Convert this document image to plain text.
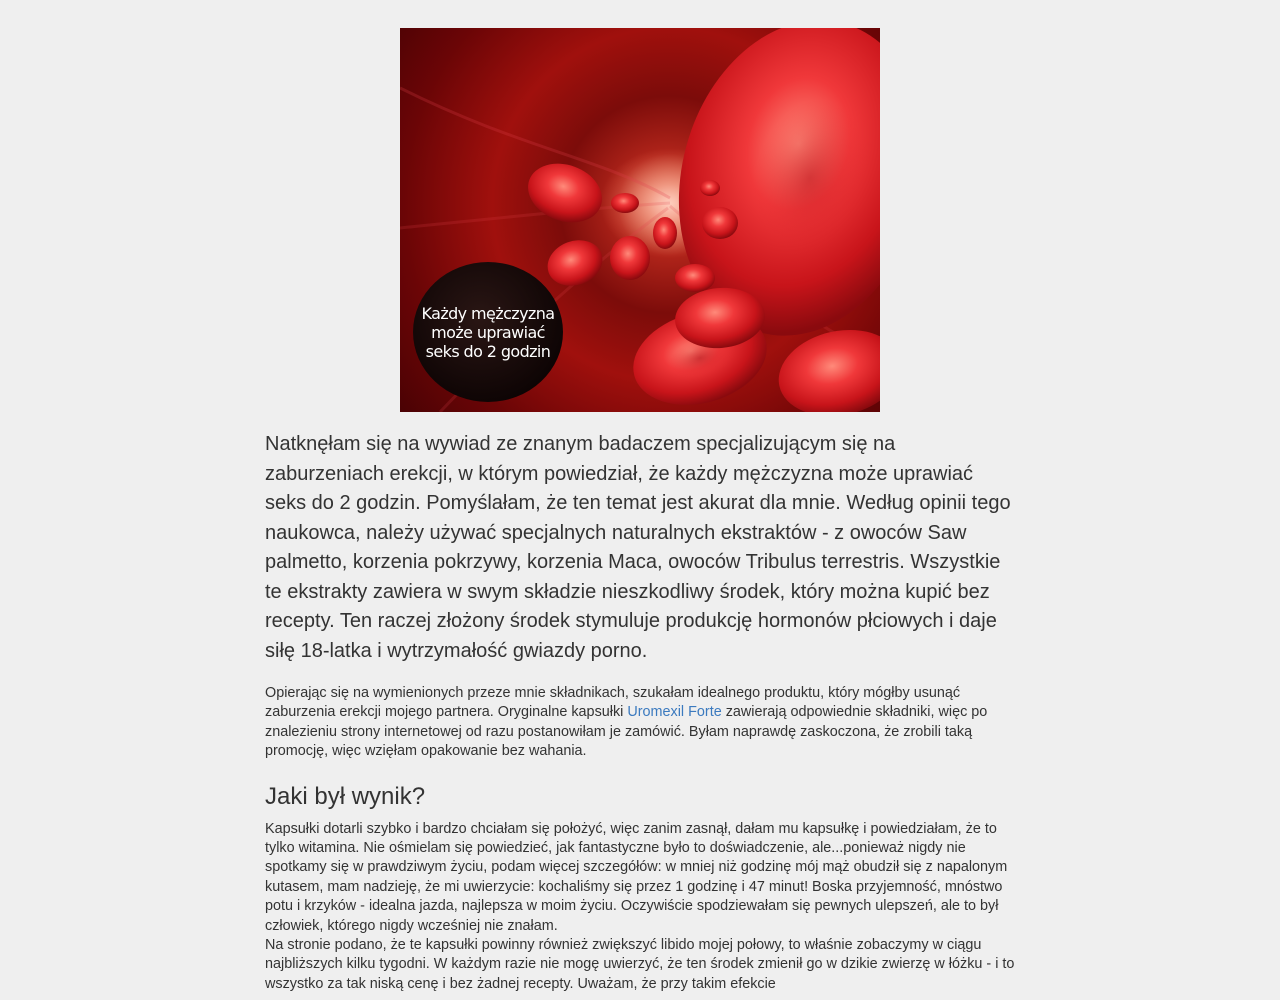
Każdy mężczyzna może uprawiać seks do 2 godzin

Natknęłam się na wywiad ze znanym badaczem specjalizującym się na zaburzeniach erekcji, w którym powiedział, że każdy mężczyzna może uprawiać seks do 2 godzin. Pomyślałam, że ten temat jest akurat dla mnie. Według opinii tego naukowca, należy używać specjalnych naturalnych ekstraktów - z owoców Saw palmetto, korzenia pokrzywy, korzenia Maca, owoców Tribulus terrestris. Wszystkie te ekstrakty zawiera w swym składzie nieszkodliwy środek, który można kupić bez recepty. Ten raczej złożony środek stymuluje produkcję hormonów płciowych i daje siłę 18-latka i wytrzymałość gwiazdy porno.

Opierając się na wymienionych przeze mnie składnikach, szukałam idealnego produktu, który mógłby usunąć zaburzenia erekcji mojego partnera. Oryginalne kapsułki Uromexil Forte zawierają odpowiednie składniki, więc po znalezieniu strony internetowej od razu postanowiłam je zamówić. Byłam naprawdę zaskoczona, że zrobili taką promocję, więc wzięłam opakowanie bez wahania.

Jaki był wynik?

Kapsułki dotarli szybko i bardzo chciałam się położyć, więc zanim zasnął, dałam mu kapsułkę i powiedziałam, że to tylko witamina. Nie ośmielam się powiedzieć, jak fantastyczne było to doświadczenie, ale...ponieważ nigdy nie spotkamy się w prawdziwym życiu, podam więcej szczegółów: w mniej niż godzinę mój mąż obudził się z napalonym kutasem, mam nadzieję, że mi uwierzycie: kochaliśmy się przez 1 godzinę i 47 minut! Boska przyjemność, mnóstwo potu i krzyków - idealna jazda, najlepsza w moim życiu. Oczywiście spodziewałam się pewnych ulepszeń, ale to był człowiek, którego nigdy wcześniej nie znałam.

Na stronie podano, że te kapsułki powinny również zwiększyć libido mojej połowy, to właśnie zobaczymy w ciągu najbliższych kilku tygodni. W każdym razie nie mogę uwierzyć, że ten środek zmienił go w dzikie zwierzę w łóżku - i to wszystko za tak niską cenę i bez żadnej recepty. Uważam, że przy takim efekcie
